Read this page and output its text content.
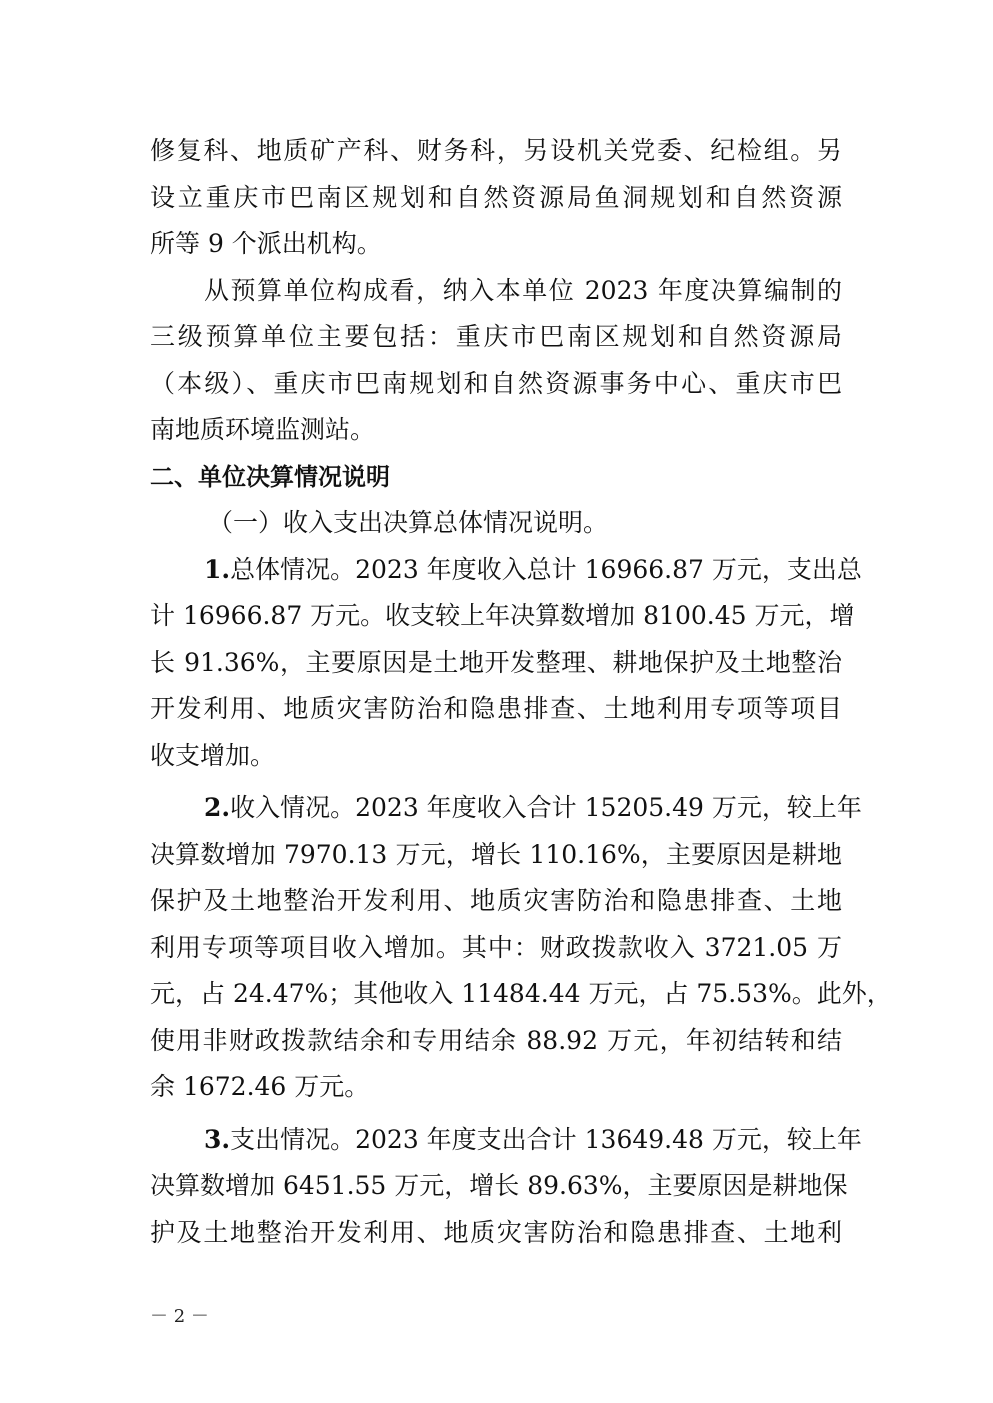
修复科、地质矿产科、财务科，另设机关党委、纪检组。另
设立重庆市巴南区规划和自然资源局鱼洞规划和自然资源
所等 9 个派出机构。
从预算单位构成看，纳入本单位 2023 年度决算编制的
三级预算单位主要包括：重庆市巴南区规划和自然资源局
（本级）、重庆市巴南规划和自然资源事务中心、重庆市巴
南地质环境监测站。
二、单位决算情况说明
（一）收入支出决算总体情况说明。
1.总体情况。2023 年度收入总计 16966.87 万元，支出总
计 16966.87 万元。收支较上年决算数增加 8100.45 万元，增
长 91.36%，主要原因是土地开发整理、耕地保护及土地整治
开发利用、地质灾害防治和隐患排查、土地利用专项等项目
收支增加。
2.收入情况。2023 年度收入合计 15205.49 万元，较上年
决算数增加 7970.13 万元，增长 110.16%，主要原因是耕地
保护及土地整治开发利用、地质灾害防治和隐患排查、土地
利用专项等项目收入增加。其中：财政拨款收入 3721.05 万
元，占 24.47%；其他收入 11484.44 万元，占 75.53%。此外，
使用非财政拨款结余和专用结余 88.92 万元，年初结转和结
余 1672.46 万元。
3.支出情况。2023 年度支出合计 13649.48 万元，较上年
决算数增加 6451.55 万元，增长 89.63%，主要原因是耕地保
护及土地整治开发利用、地质灾害防治和隐患排查、土地利
－ 2 －
